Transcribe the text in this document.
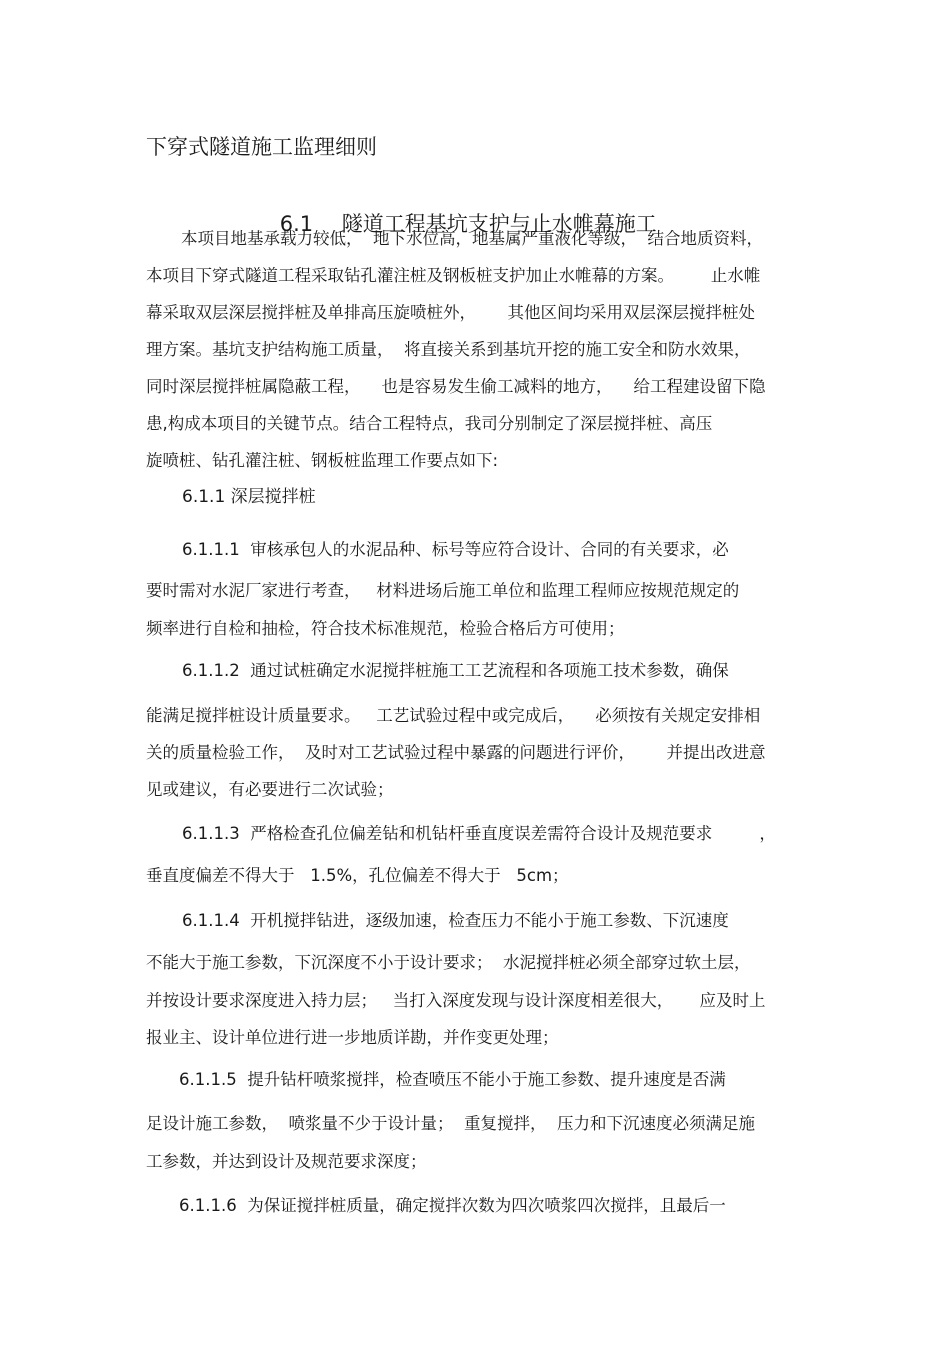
下穿式隧道施工监理细则

6.1 隧道工程基坑支护与止水帷幕施工

本项目地基承载力较低，  地下水位高，地基属严重液化等级，  结合地质资料，
本项目下穿式隧道工程采取钻孔灌注桩及钢板桩支护加止水帷幕的方案。       止水帷
幕采取双层深层搅拌桩及单排高压旋喷桩外，      其他区间均采用双层深层搅拌桩处
理方案。基坑支护结构施工质量，  将直接关系到基坑开挖的施工安全和防水效果，
同时深层搅拌桩属隐蔽工程，    也是容易发生偷工减料的地方，    给工程建设留下隐
患,构成本项目的关键节点。结合工程特点，我司分别制定了深层搅拌桩、高压
旋喷桩、钻孔灌注桩、钢板桩监理工作要点如下:
6.1.1 深层搅拌桩
6.1.1.1  审核承包人的水泥品种、标号等应符合设计、合同的有关要求，必
要时需对水泥厂家进行考查，   材料进场后施工单位和监理工程师应按规范规定的
频率进行自检和抽检，符合技术标准规范，检验合格后方可使用；
6.1.1.2  通过试桩确定水泥搅拌桩施工工艺流程和各项施工技术参数，确保
能满足搅拌桩设计质量要求。   工艺试验过程中或完成后，    必须按有关规定安排相
关的质量检验工作，  及时对工艺试验过程中暴露的问题进行评价，      并提出改进意
见或建议，有必要进行二次试验；
6.1.1.3  严格检查孔位偏差钻和机钻杆垂直度误差需符合设计及规范要求         ，
垂直度偏差不得大于   1.5%，孔位偏差不得大于   5cm；
6.1.1.4  开机搅拌钻进，逐级加速，检查压力不能小于施工参数、下沉速度
不能大于施工参数，下沉深度不小于设计要求；  水泥搅拌桩必须全部穿过软土层，
并按设计要求深度进入持力层；   当打入深度发现与设计深度相差很大，     应及时上
报业主、设计单位进行进一步地质详勘，并作变更处理；
6.1.1.5  提升钻杆喷浆搅拌，检查喷压不能小于施工参数、提升速度是否满
足设计施工参数，  喷浆量不少于设计量；  重复搅拌，  压力和下沉速度必须满足施
工参数，并达到设计及规范要求深度；
6.1.1.6  为保证搅拌桩质量，确定搅拌次数为四次喷浆四次搅拌，且最后一
